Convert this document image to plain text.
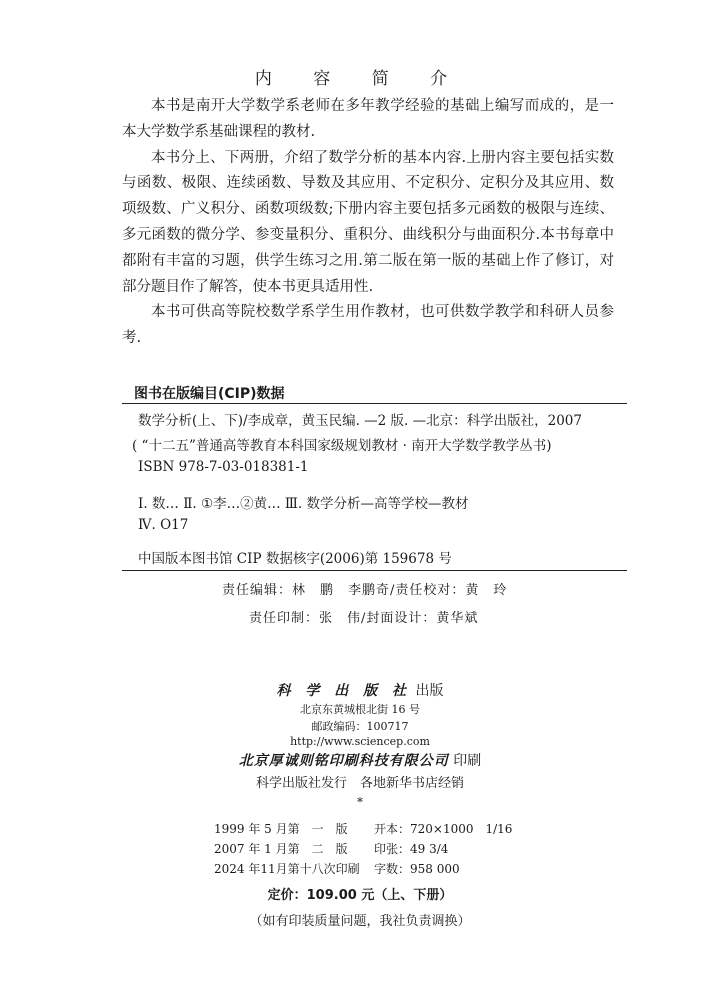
内 容 简 介

本书是南开大学数学系老师在多年教学经验的基础上编写而成的，是一本大学数学系基础课程的教材.

本书分上、下两册，介绍了数学分析的基本内容.上册内容主要包括实数与函数、极限、连续函数、导数及其应用、不定积分、定积分及其应用、数项级数、广义积分、函数项级数;下册内容主要包括多元函数的极限与连续、多元函数的微分学、参变量积分、重积分、曲线积分与曲面积分.本书每章中都附有丰富的习题，供学生练习之用.第二版在第一版的基础上作了修订，对部分题目作了解答，使本书更具适用性.

本书可供高等院校数学系学生用作教材，也可供数学教学和科研人员参考.

图书在版编目(CIP)数据
数学分析(上、下)/李成章，黄玉民编. —2 版. —北京：科学出版社，2007
( “十二五”普通高等教育本科国家级规划教材 · 南开大学数学教学丛书)
ISBN 978-7-03-018381-1
Ⅰ. 数… Ⅱ. ①李…②黄… Ⅲ. 数学分析—高等学校—教材
Ⅳ. O17
中国版本图书馆 CIP 数据核字(2006)第 159678 号
责任编辑：林　鹏　李鹏奇/责任校对：黄　玲
责任印制：张　伟/封面设计：黄华斌
科 学 出 版 社 出版
北京东黄城根北街 16 号
邮政编码：100717
http://www.sciencep.com
北京厚诚则铭印刷科技有限公司 印刷
科学出版社发行　各地新华书店经销
*
1999 年 5 月第　一　版 开本：720×1000　1/16
2007 年 1 月第　二　版 印张：49 3/4
2024 年11月第十八次印刷 字数：958 000
定价：109.00 元（上、下册）
（如有印装质量问题，我社负责调换）
